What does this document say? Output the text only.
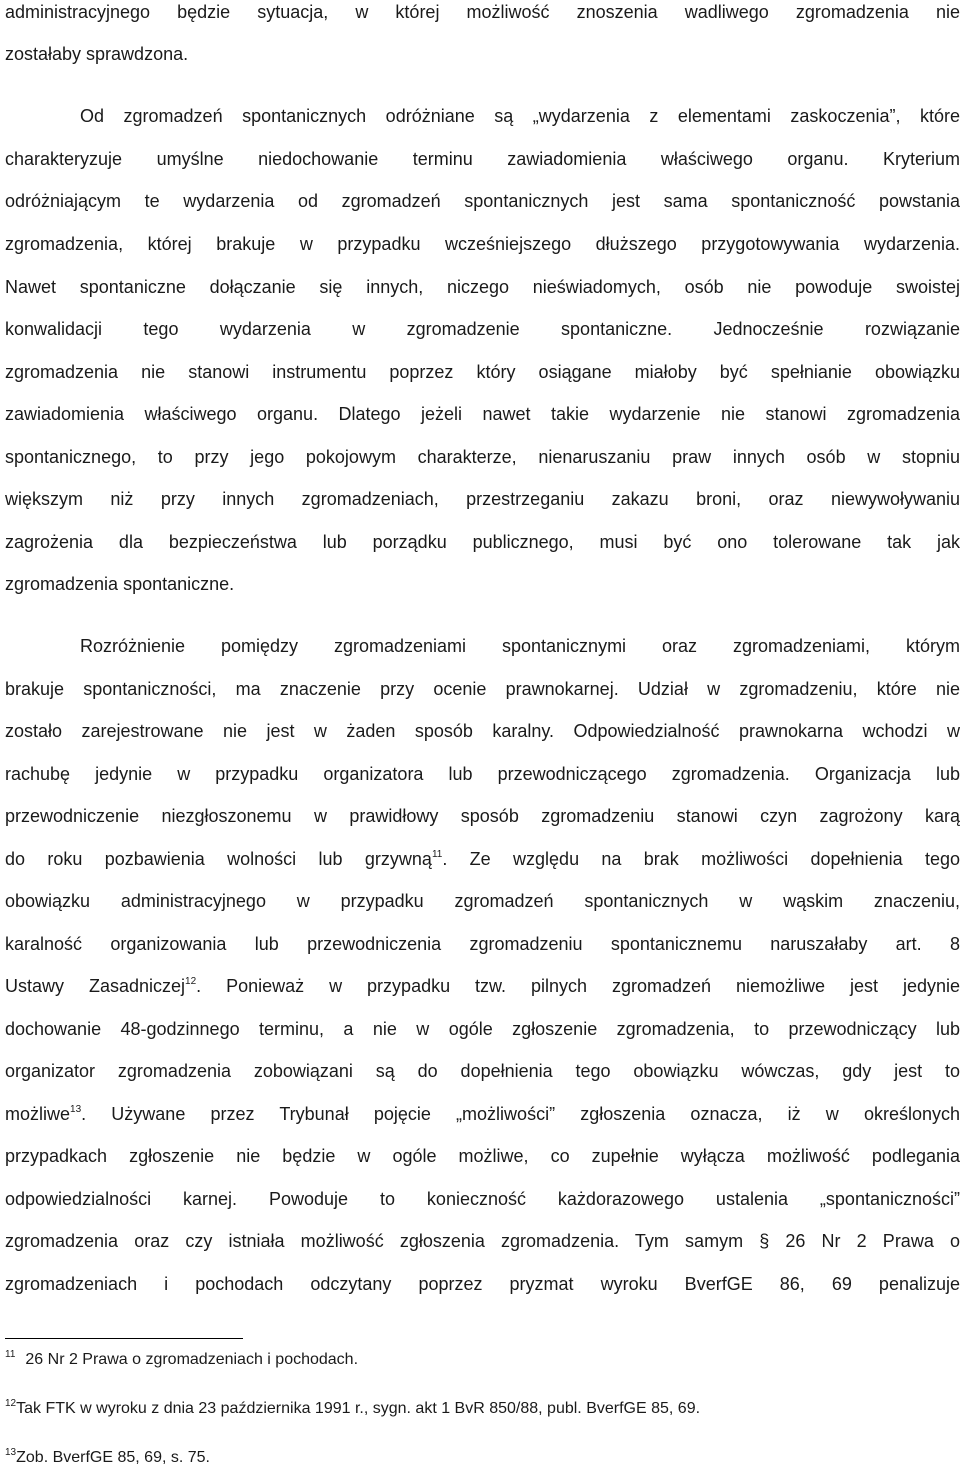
administracyjnego będzie sytuacja, w której możliwość znoszenia wadliwego zgromadzenia nie
zostałaby sprawdzona.
Od zgromadzeń spontanicznych odróżniane są „wydarzenia z elementami zaskoczenia”, które
charakteryzuje umyślne niedochowanie terminu zawiadomienia właściwego organu. Kryterium
odróżniającym te wydarzenia od zgromadzeń spontanicznych jest sama spontaniczność powstania
zgromadzenia, której brakuje w przypadku wcześniejszego dłuższego przygotowywania wydarzenia.
Nawet spontaniczne dołączanie się innych, niczego nieświadomych, osób nie powoduje swoistej
konwalidacji tego wydarzenia w zgromadzenie spontaniczne. Jednocześnie rozwiązanie
zgromadzenia nie stanowi instrumentu poprzez który osiągane miałoby być spełnianie obowiązku
zawiadomienia właściwego organu. Dlatego jeżeli nawet takie wydarzenie nie stanowi zgromadzenia
spontanicznego, to przy jego pokojowym charakterze, nienaruszaniu praw innych osób w stopniu
większym niż przy innych zgromadzeniach, przestrzeganiu zakazu broni, oraz niewywoływaniu
zagrożenia dla bezpieczeństwa lub porządku publicznego, musi być ono tolerowane tak jak
zgromadzenia spontaniczne.
Rozróżnienie pomiędzy zgromadzeniami spontanicznymi oraz zgromadzeniami, którym
brakuje spontaniczności, ma znaczenie przy ocenie prawnokarnej. Udział w zgromadzeniu, które nie
zostało zarejestrowane nie jest w żaden sposób karalny. Odpowiedzialność prawnokarna wchodzi w
rachubę jedynie w przypadku organizatora lub przewodniczącego zgromadzenia. Organizacja lub
przewodniczenie niezgłoszonemu w prawidłowy sposób zgromadzeniu stanowi czyn zagrożony karą
do roku pozbawienia wolności lub grzywną$^{11}$. Ze względu na brak możliwości dopełnienia tego
obowiązku administracyjnego w przypadku zgromadzeń spontanicznych w wąskim znaczeniu,
karalność organizowania lub przewodniczenia zgromadzeniu spontanicznemu naruszałaby art. 8
Ustawy Zasadniczej$^{12}$. Ponieważ w przypadku tzw. pilnych zgromadzeń niemożliwe jest jedynie
dochowanie 48-godzinnego terminu, a nie w ogóle zgłoszenie zgromadzenia, to przewodniczący lub
organizator zgromadzenia zobowiązani są do dopełnienia tego obowiązku wówczas, gdy jest to
możliwe$^{13}$. Używane przez Trybunał pojęcie „możliwości” zgłoszenia oznacza, iż w określonych
przypadkach zgłoszenie nie będzie w ogóle możliwe, co zupełnie wyłącza możliwość podlegania
odpowiedzialności karnej. Powoduje to konieczność każdorazowego ustalenia „spontaniczności”
zgromadzenia oraz czy istniała możliwość zgłoszenia zgromadzenia. Tym samym § 26 Nr 2 Prawa o
zgromadzeniach i pochodach odczytany poprzez pryzmat wyroku BverfGE 86, 69 penalizuje
$^{11}$ 26 Nr 2 Prawa o zgromadzeniach i pochodach.
$^{12}$Tak FTK w wyroku z dnia 23 października 1991 r., sygn. akt 1 BvR 850/88, publ. BverfGE 85, 69.
$^{13}$Zob. BverfGE 85, 69, s. 75.
